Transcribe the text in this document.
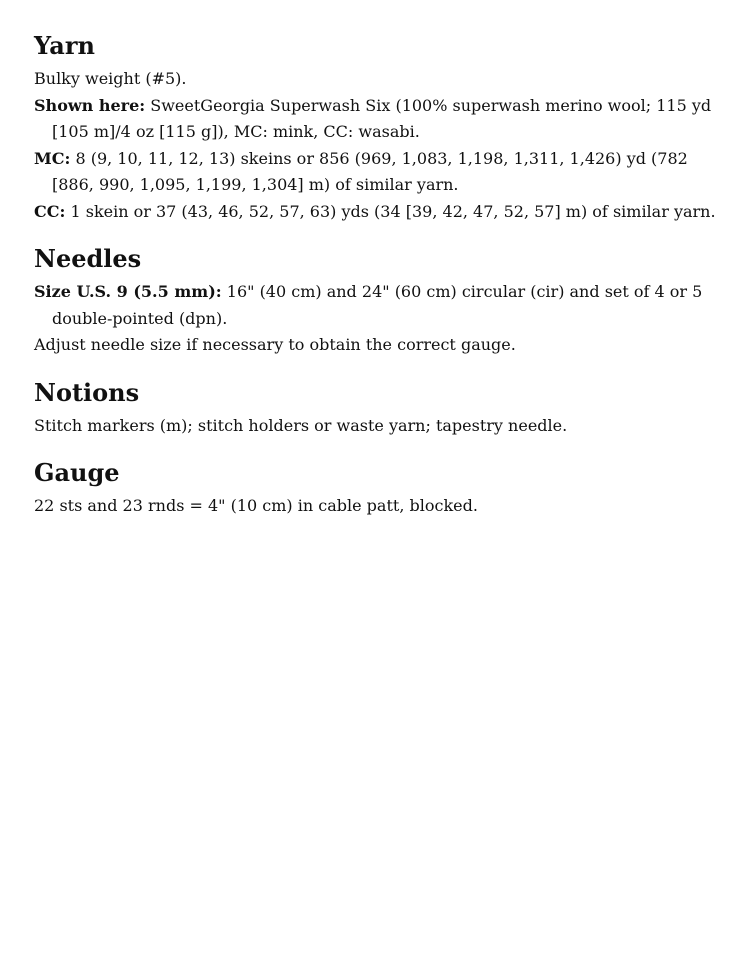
Yarn

Bulky weight (#5).

Shown here: SweetGeorgia Superwash Six (100% superwash merino wool; 115 yd [105 m]/4 oz [115 g]), MC: mink, CC: wasabi.

MC: 8 (9, 10, 11, 12, 13) skeins or 856 (969, 1,083, 1,198, 1,311, 1,426) yd (782 [886, 990, 1,095, 1,199, 1,304] m) of similar yarn.

CC: 1 skein or 37 (43, 46, 52, 57, 63) yds (34 [39, 42, 47, 52, 57] m) of similar yarn.

Needles

Size U.S. 9 (5.5 mm): 16" (40 cm) and 24" (60 cm) circular (cir) and set of 4 or 5 double-pointed (dpn).

Adjust needle size if necessary to obtain the correct gauge.

Notions

Stitch markers (m); stitch holders or waste yarn; tapestry needle.

Gauge

22 sts and 23 rnds = 4" (10 cm) in cable patt, blocked.
